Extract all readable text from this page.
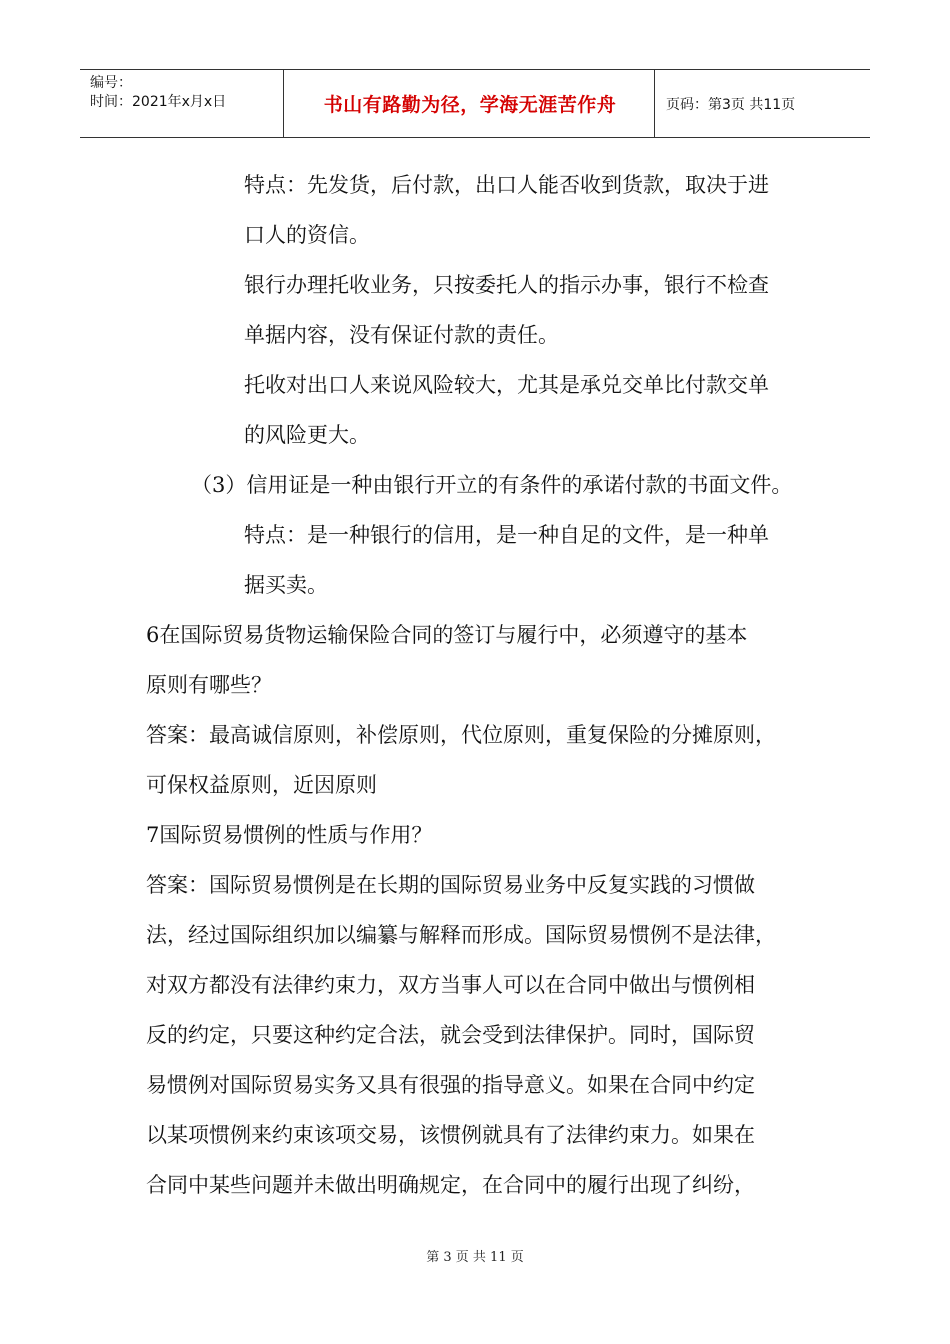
编号：
时间：2021年x月x日	书山有路勤为径，学海无涯苦作舟	页码：第3页 共11页
特点：先发货，后付款，出口人能否收到货款，取决于进
口人的资信。
银行办理托收业务，只按委托人的指示办事，银行不检查
单据内容，没有保证付款的责任。
托收对出口人来说风险较大，尤其是承兑交单比付款交单
的风险更大。
（3）信用证是一种由银行开立的有条件的承诺付款的书面文件。
特点：是一种银行的信用，是一种自足的文件，是一种单
据买卖。
6在国际贸易货物运输保险合同的签订与履行中，必须遵守的基本
原则有哪些？
答案：最高诚信原则，补偿原则，代位原则，重复保险的分摊原则，
可保权益原则，近因原则
7国际贸易惯例的性质与作用？
答案：国际贸易惯例是在长期的国际贸易业务中反复实践的习惯做
法，经过国际组织加以编纂与解释而形成。国际贸易惯例不是法律，
对双方都没有法律约束力，双方当事人可以在合同中做出与惯例相
反的约定，只要这种约定合法，就会受到法律保护。同时，国际贸
易惯例对国际贸易实务又具有很强的指导意义。如果在合同中约定
以某项惯例来约束该项交易，该惯例就具有了法律约束力。如果在
合同中某些问题并未做出明确规定，在合同中的履行出现了纠纷，
第 3 页 共 11 页
